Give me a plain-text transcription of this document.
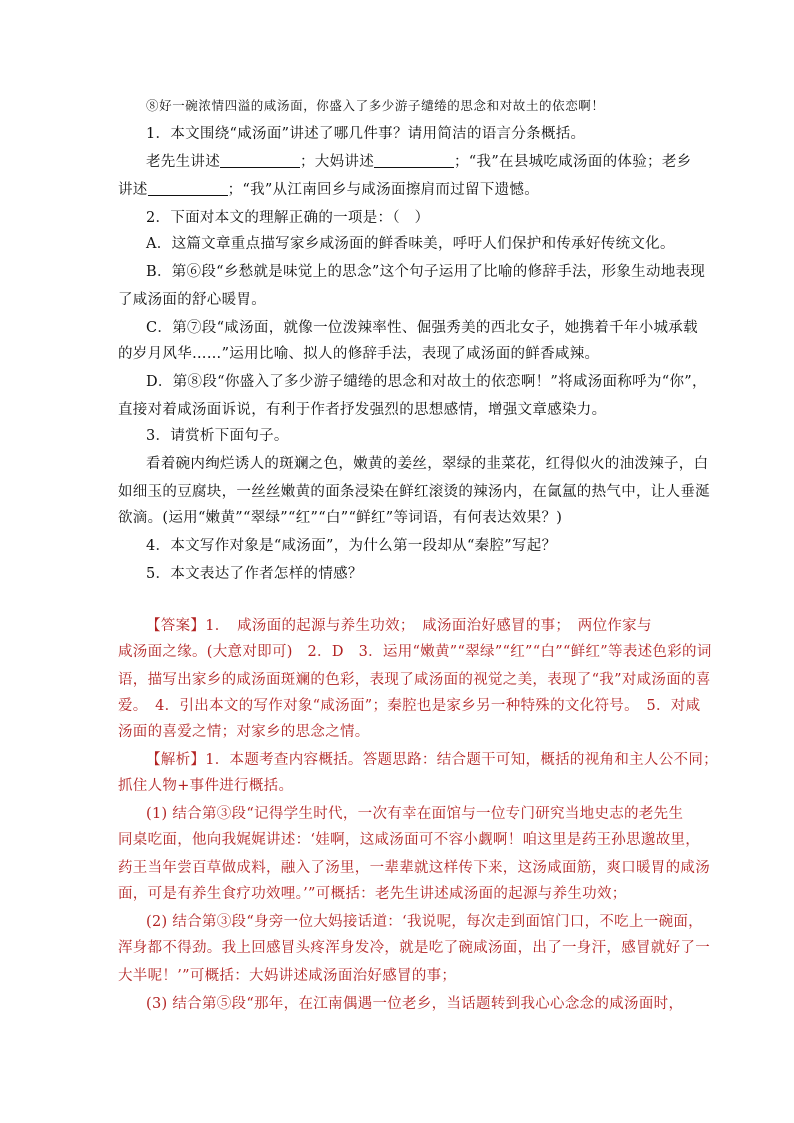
⑧好一碗浓情四溢的咸汤面，你盛入了多少游子缱绻的思念和对故土的依恋啊！
1．本文围绕“咸汤面”讲述了哪几件事？请用简洁的语言分条概括。
老先生讲述	；大妈讲述	；“我”在县城吃咸汤面的体验；老乡
讲述	；“我”从江南回乡与咸汤面擦肩而过留下遗憾。
2．下面对本文的理解正确的一项是：（　）
A．这篇文章重点描写家乡咸汤面的鲜香味美，呼吁人们保护和传承好传统文化。
B．第⑥段“乡愁就是味觉上的思念”这个句子运用了比喻的修辞手法，形象生动地表现
了咸汤面的舒心暖胃。
C．第⑦段“咸汤面，就像一位泼辣率性、倔强秀美的西北女子，她携着千年小城承载
的岁月风华……”运用比喻、拟人的修辞手法，表现了咸汤面的鲜香咸辣。
D．第⑧段“你盛入了多少游子缱绻的思念和对故土的依恋啊！”将咸汤面称呼为“你”，
直接对着咸汤面诉说，有利于作者抒发强烈的思想感情，增强文章感染力。
3．请赏析下面句子。
看着碗内绚烂诱人的斑斓之色，嫩黄的姜丝，翠绿的韭菜花，红得似火的油泼辣子，白
如细玉的豆腐块，一丝丝嫩黄的面条浸染在鲜红滚烫的辣汤内，在氤氲的热气中，让人垂涎
欲滴。(运用“嫩黄”“翠绿”“红”“白”“鲜红”等词语，有何表达效果？)
4．本文写作对象是“咸汤面”，为什么第一段却从“秦腔”写起？
5．本文表达了作者怎样的情感？
【答案】1．　咸汤面的起源与养生功效；　咸汤面治好感冒的事；　两位作家与
咸汤面之缘。(大意对即可)　2．D　3．运用“嫩黄”“翠绿”“红”“白”“鲜红”等表述色彩的词
语，描写出家乡的咸汤面斑斓的色彩，表现了咸汤面的视觉之美，表现了“我”对咸汤面的喜
爱。　4．引出本文的写作对象“咸汤面”；秦腔也是家乡另一种特殊的文化符号。　5．对咸
汤面的喜爱之情；对家乡的思念之情。
【解析】1．本题考查内容概括。答题思路：结合题干可知，概括的视角和主人公不同；
抓住人物+事件进行概括。
(1) 结合第③段“记得学生时代，一次有幸在面馆与一位专门研究当地史志的老先生
同桌吃面，他向我娓娓讲述：‘娃啊，这咸汤面可不容小觑啊！咱这里是药王孙思邈故里，
药王当年尝百草做成料，融入了汤里，一辈辈就这样传下来，这汤咸面筋，爽口暖胃的咸汤
面，可是有养生食疗功效哩。’”可概括：老先生讲述咸汤面的起源与养生功效；
(2) 结合第③段“身旁一位大妈接话道：‘我说呢，每次走到面馆门口，不吃上一碗面，
浑身都不得劲。我上回感冒头疼浑身发冷，就是吃了碗咸汤面，出了一身汗，感冒就好了一
大半呢！’”可概括：大妈讲述咸汤面治好感冒的事；
(3) 结合第⑤段“那年，在江南偶遇一位老乡，当话题转到我心心念念的咸汤面时，
